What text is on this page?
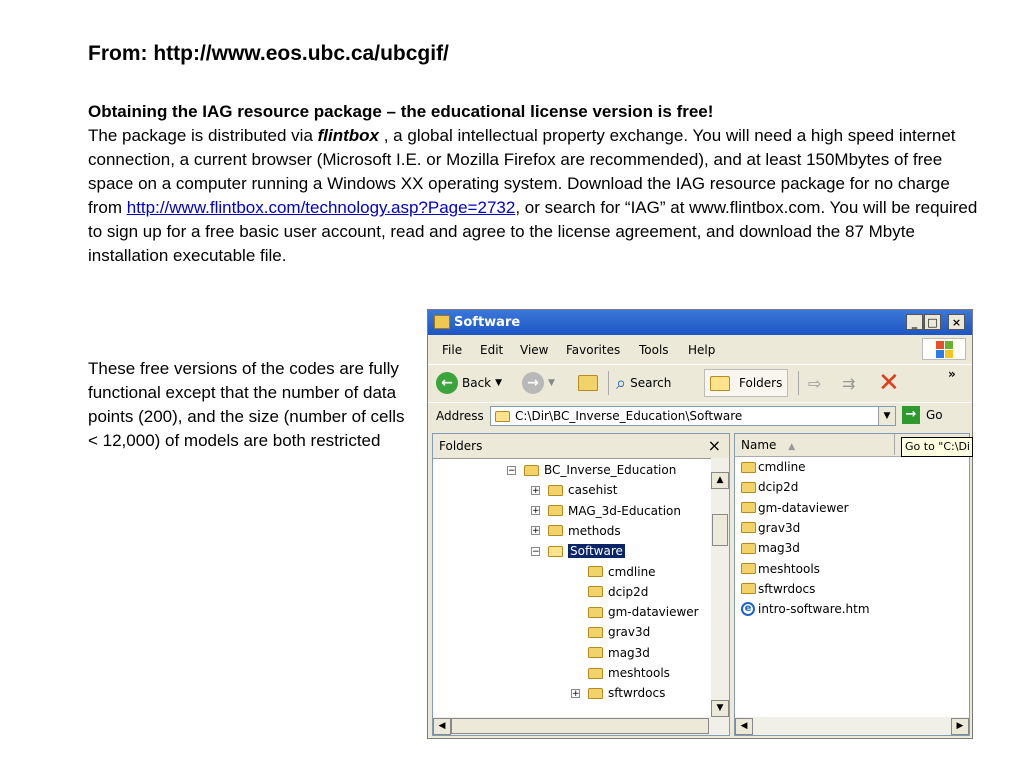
From: http://www.eos.ubc.ca/ubcgif/
Obtaining the IAG resource package – the educational license version is free!
The package is distributed via flintbox , a global intellectual property exchange. You will need a high speed internet connection, a current browser (Microsoft I.E. or Mozilla Firefox are recommended), and at least 150Mbytes of free space on a computer running a Windows XX operating system. Download the IAG resource package for no charge from http://www.flintbox.com/technology.asp?Page=2732, or search for “IAG” at www.flintbox.com. You will be required to sign up for a free basic user account, read and agree to the license agreement, and download the 87 Mbyte installation executable file.
These free versions of the codes are fully functional except that the number of data points (200), and the size (number of cells < 12,000) of models are both restricted
Software	_ □	×
File Edit View Favorites Tools Help
← Back ▼	→	▼	⌕ Search	Folders ⇨ ⇉ ✕	»
Address	C:\Dir\BC_Inverse_Education\Software	▼	→ Go
Folders	×
− BC_Inverse_Education
+ casehist
+ MAG_3d-Education
+ methods
−	Software
cmdline
dcip2d
gm-dataviewer
grav3d
mag3d
meshtools
+ sftwrdocs
▲
▼
◀
Name ▲
cmdline
dcip2d
gm-dataviewer
grav3d
mag3d
meshtools
sftwrdocs
e intro-software.htm
◀	▶
Go to "C:\Di
